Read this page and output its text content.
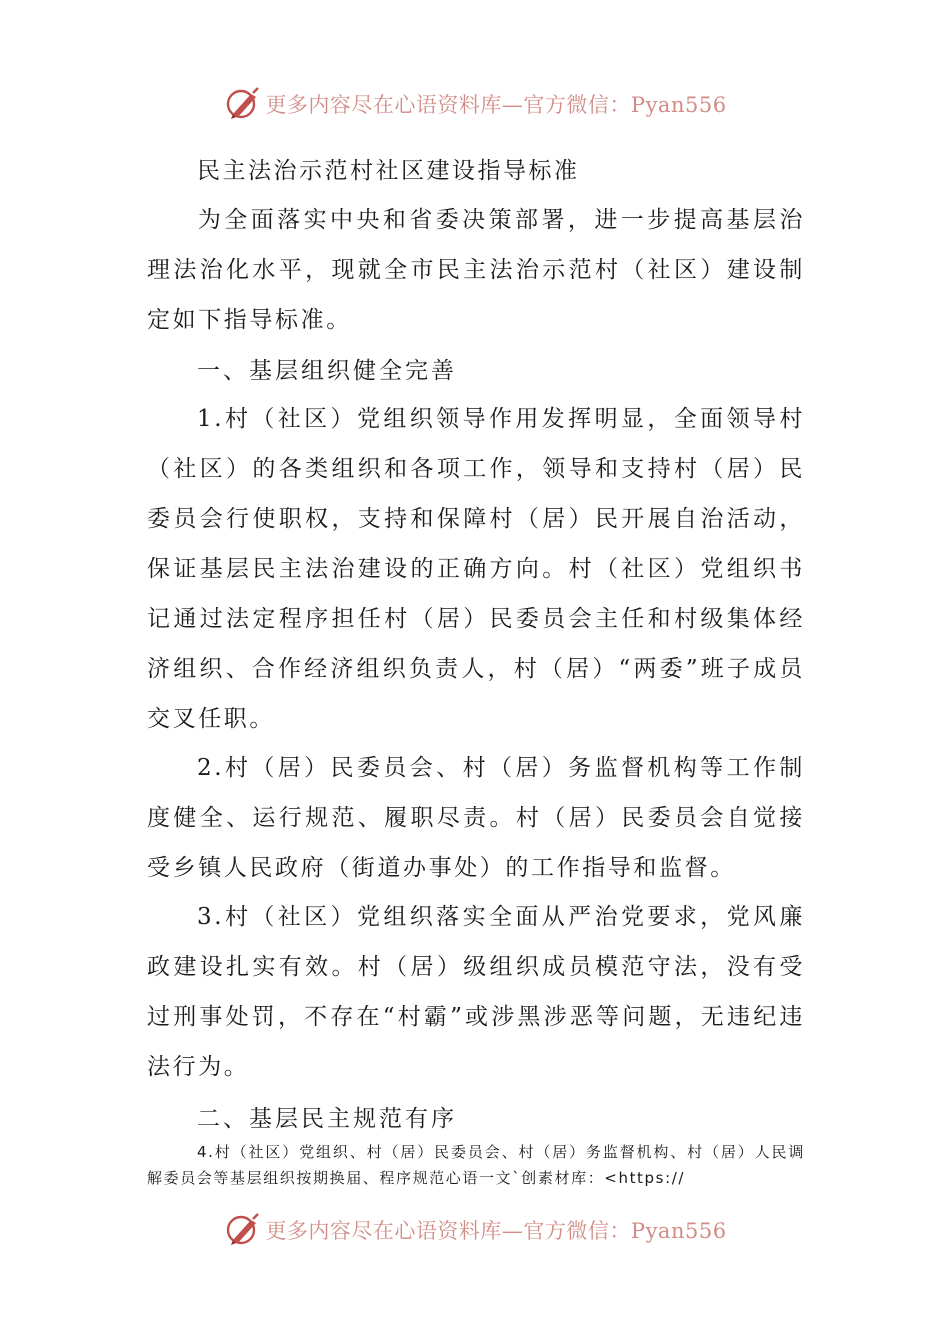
更多内容尽在心语资料库—官方微信：Pyan556
民主法治示范村社区建设指导标准
为全面落实中央和省委决策部署，进一步提高基层治理法治化水平，现就全市民主法治示范村（社区）建设制定如下指导标准。
一、基层组织健全完善
1.村（社区）党组织领导作用发挥明显，全面领导村（社区）的各类组织和各项工作，领导和支持村（居）民委员会行使职权，支持和保障村（居）民开展自治活动，保证基层民主法治建设的正确方向。村（社区）党组织书记通过法定程序担任村（居）民委员会主任和村级集体经济组织、合作经济组织负责人，村（居）“两委”班子成员交叉任职。
2.村（居）民委员会、村（居）务监督机构等工作制度健全、运行规范、履职尽责。村（居）民委员会自觉接受乡镇人民政府（街道办事处）的工作指导和监督。
3.村（社区）党组织落实全面从严治党要求，党风廉政建设扎实有效。村（居）级组织成员模范守法，没有受过刑事处罚，不存在“村霸”或涉黑涉恶等问题，无违纪违法行为。
二、基层民主规范有序
4.村（社区）党组织、村（居）民委员会、村（居）务监督机构、村（居）人民调解委员会等基层组织按期换届、程序规范心语一文`创素材库：<https://
更多内容尽在心语资料库—官方微信：Pyan556
